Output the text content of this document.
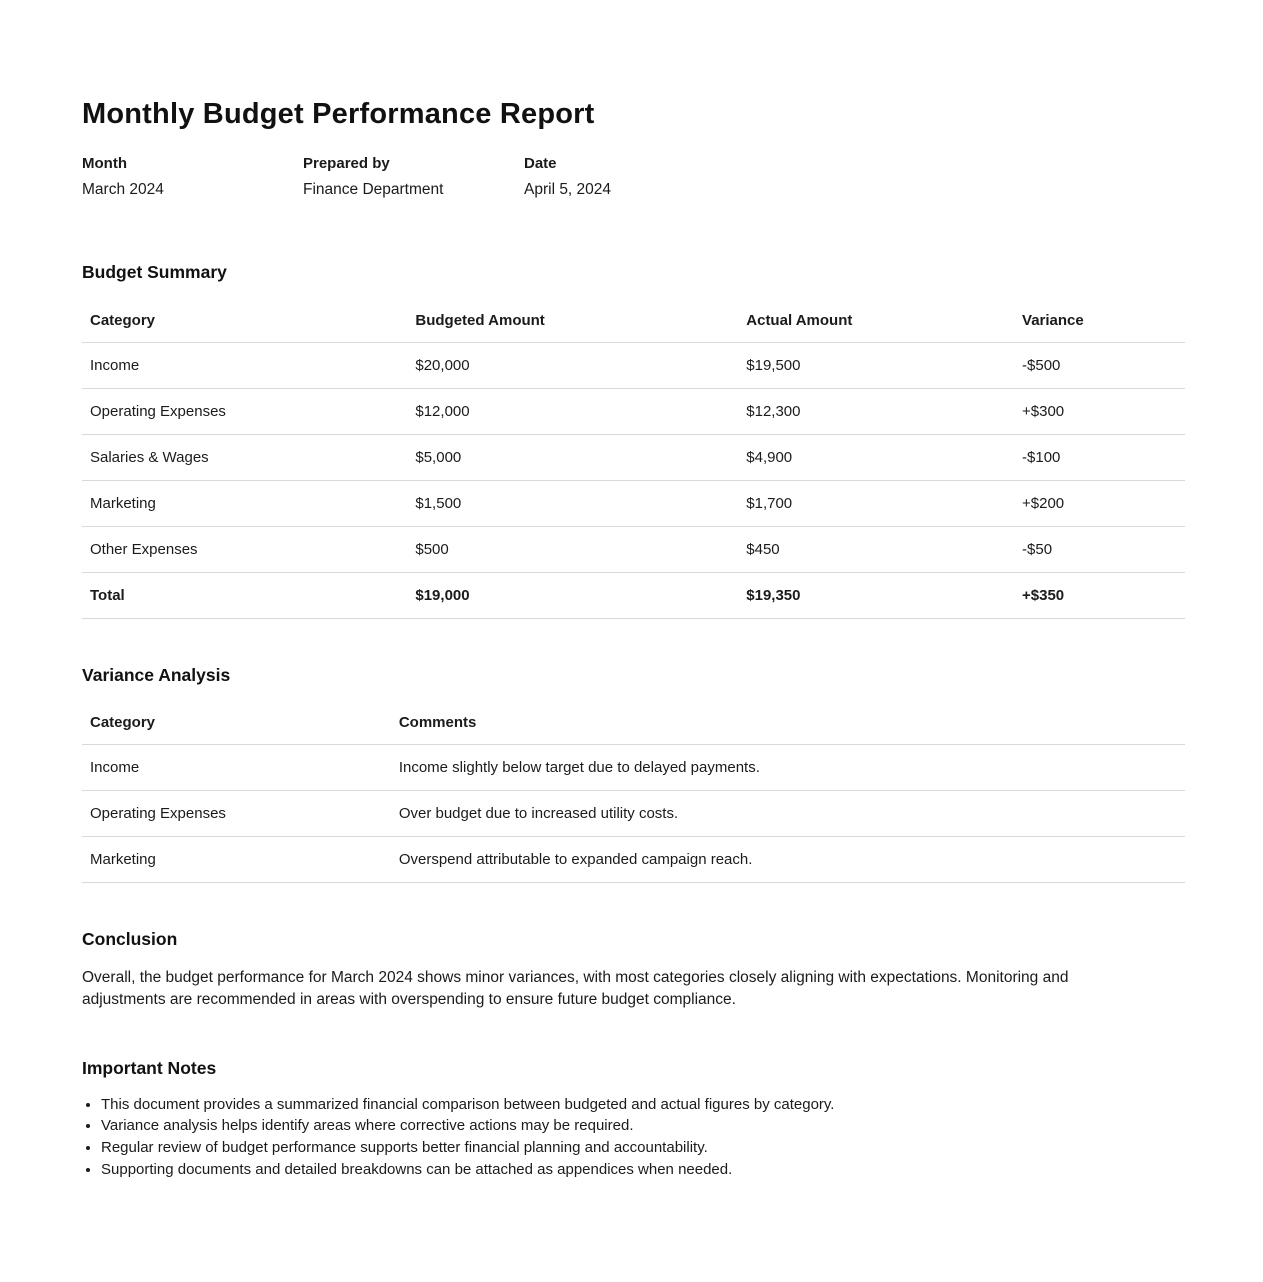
Monthly Budget Performance Report
Month
March 2024
Prepared by
Finance Department
Date
April 5, 2024
Budget Summary
Category	Budgeted Amount	Actual Amount	Variance
Income	$20,000	$19,500	-$500
Operating Expenses	$12,000	$12,300	+$300
Salaries & Wages	$5,000	$4,900	-$100
Marketing	$1,500	$1,700	+$200
Other Expenses	$500	$450	-$50
Total	$19,000	$19,350	+$350
Variance Analysis
Category	Comments
Income	Income slightly below target due to delayed payments.
Operating Expenses	Over budget due to increased utility costs.
Marketing	Overspend attributable to expanded campaign reach.
Conclusion

Overall, the budget performance for March 2024 shows minor variances, with most categories closely aligning with expectations. Monitoring and adjustments are recommended in areas with overspending to ensure future budget compliance.

Important Notes
• This document provides a summarized financial comparison between budgeted and actual figures by category.
• Variance analysis helps identify areas where corrective actions may be required.
• Regular review of budget performance supports better financial planning and accountability.
• Supporting documents and detailed breakdowns can be attached as appendices when needed.
